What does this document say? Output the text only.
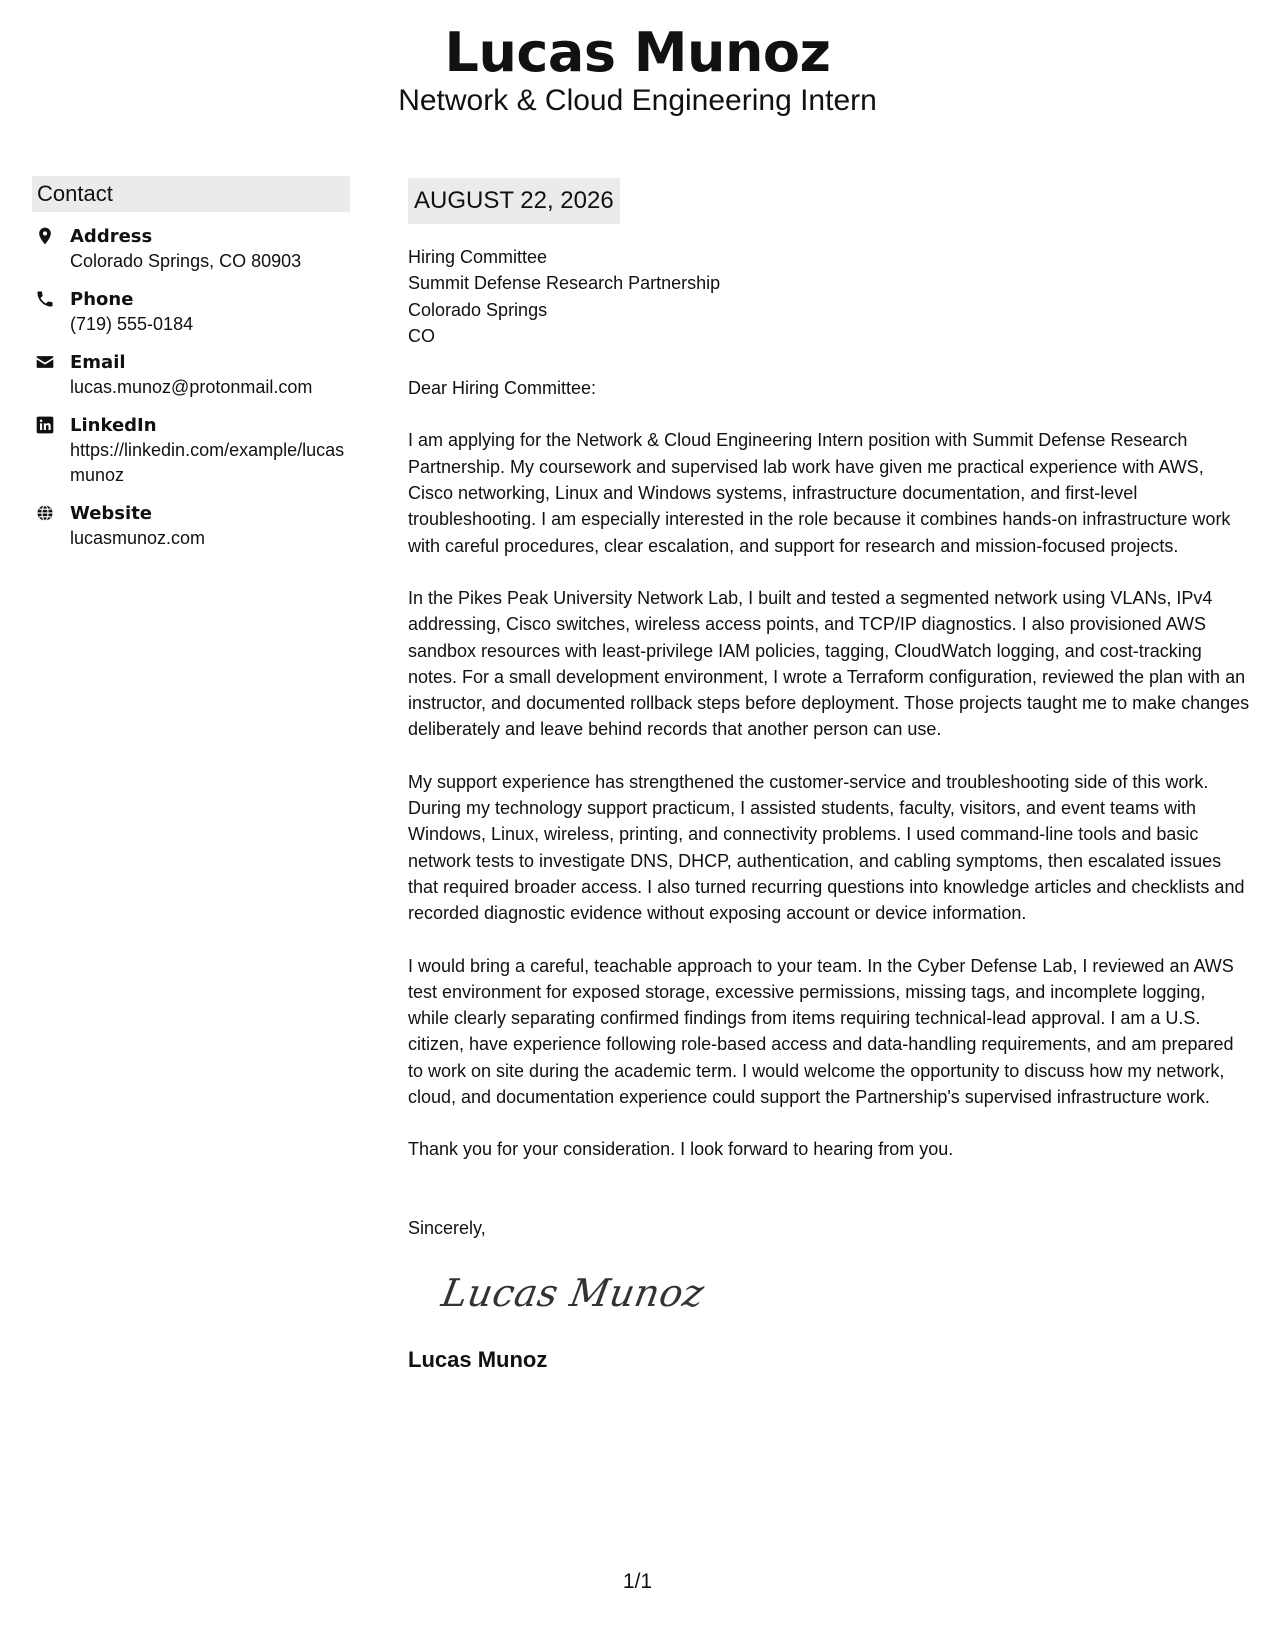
Lucas Munoz
Network & Cloud Engineering Intern
Contact
Address
Colorado Springs, CO 80903
Phone
(719) 555-0184
Email
lucas.munoz@protonmail.com
LinkedIn
https://linkedin.com/example/lucasmunoz
Website
lucasmunoz.com
AUGUST 22, 2026
Hiring Committee
Summit Defense Research Partnership
Colorado Springs
CO
Dear Hiring Committee:
I am applying for the Network & Cloud Engineering Intern position with Summit Defense Research Partnership. My coursework and supervised lab work have given me practical experience with AWS, Cisco networking, Linux and Windows systems, infrastructure documentation, and first-level troubleshooting. I am especially interested in the role because it combines hands-on infrastructure work with careful procedures, clear escalation, and support for research and mission-focused projects.
In the Pikes Peak University Network Lab, I built and tested a segmented network using VLANs, IPv4 addressing, Cisco switches, wireless access points, and TCP/IP diagnostics. I also provisioned AWS sandbox resources with least-privilege IAM policies, tagging, CloudWatch logging, and cost-tracking notes. For a small development environment, I wrote a Terraform configuration, reviewed the plan with an instructor, and documented rollback steps before deployment. Those projects taught me to make changes deliberately and leave behind records that another person can use.
My support experience has strengthened the customer-service and troubleshooting side of this work. During my technology support practicum, I assisted students, faculty, visitors, and event teams with Windows, Linux, wireless, printing, and connectivity problems. I used command-line tools and basic network tests to investigate DNS, DHCP, authentication, and cabling symptoms, then escalated issues that required broader access. I also turned recurring questions into knowledge articles and checklists and recorded diagnostic evidence without exposing account or device information.
I would bring a careful, teachable approach to your team. In the Cyber Defense Lab, I reviewed an AWS test environment for exposed storage, excessive permissions, missing tags, and incomplete logging, while clearly separating confirmed findings from items requiring technical-lead approval. I am a U.S. citizen, have experience following role-based access and data-handling requirements, and am prepared to work on site during the academic term. I would welcome the opportunity to discuss how my network, cloud, and documentation experience could support the Partnership's supervised infrastructure work.
Thank you for your consideration. I look forward to hearing from you.
Sincerely,
Lucas Munoz
Lucas Munoz
1/1
